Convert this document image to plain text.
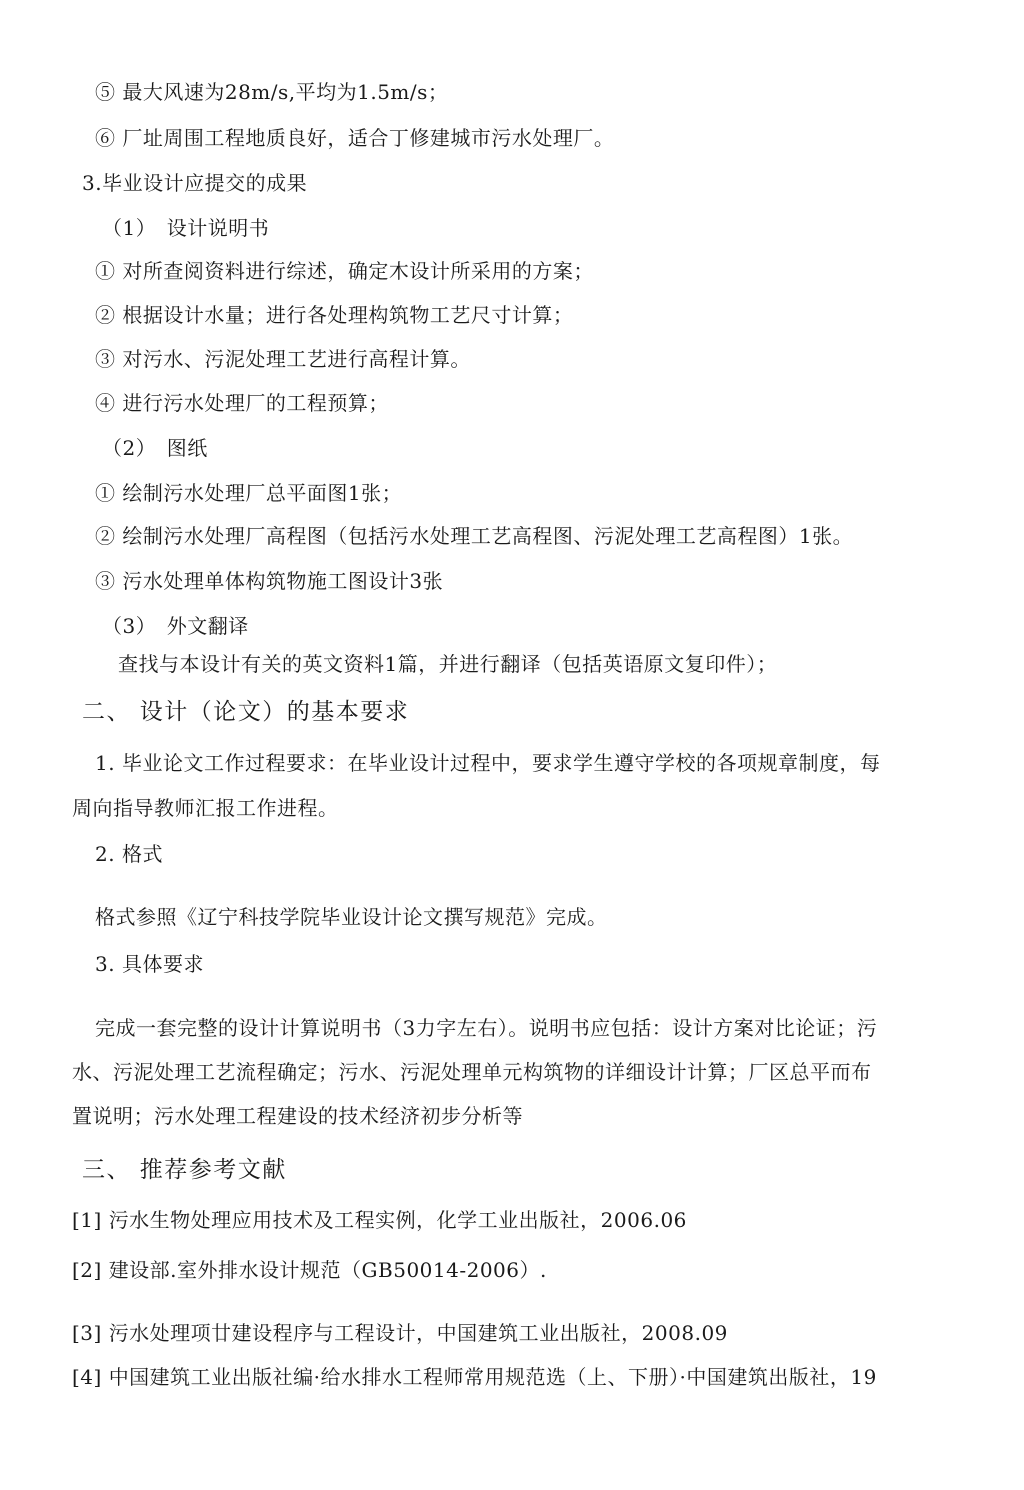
⑤ 最大风速为28m/s,平均为1.5m/s；
⑥ 厂址周围工程地质良好，适合丁修建城市污水处理厂。
3.毕业设计应提交的成果
（1）　设计说明书
① 对所查阅资料进行综述，确定木设计所采用的方案；
② 根据设计水量；进行各处理构筑物工艺尺寸计算；
③ 对污水、污泥处理工艺进行高程计算。
④ 进行污水处理厂的工程预算；
（2）　图纸
① 绘制污水处理厂总平面图1张；
② 绘制污水处理厂高程图（包括污水处理工艺高程图、污泥处理工艺高程图）1张。
③ 污水处理单体构筑物施工图设计3张
（3）　外文翻译
查找与本设计有关的英文资料1篇，并进行翻译（包括英语原文复印件）；
二、 设计（论文）的基本要求
1. 毕业论文工作过程要求：在毕业设计过程中，要求学生遵守学校的各项规章制度，每
周向指导教师汇报工作进程。
2. 格式
格式参照《辽宁科技学院毕业设计论文撰写规范》完成。
3. 具体要求
完成一套完整的设计计算说明书（3力字左右）。说明书应包括：设计方案对比论证；污
水、污泥处理工艺流程确定；污水、污泥处理单元构筑物的详细设计计算；厂区总平而布
置说明；污水处理工程建设的技术经济初步分析等
三、 推荐参考文献
[1] 污水生物处理应用技术及工程实例，化学工业出版社，2006.06
[2] 建设部.室外排水设计规范（GB50014-2006）.
[3] 污水处理项廿建设程序与工程设计，中国建筑工业出版社，2008.09
[4] 中国建筑工业出版社编·给水排水工程师常用规范选（上、下册）·中国建筑出版社，19
